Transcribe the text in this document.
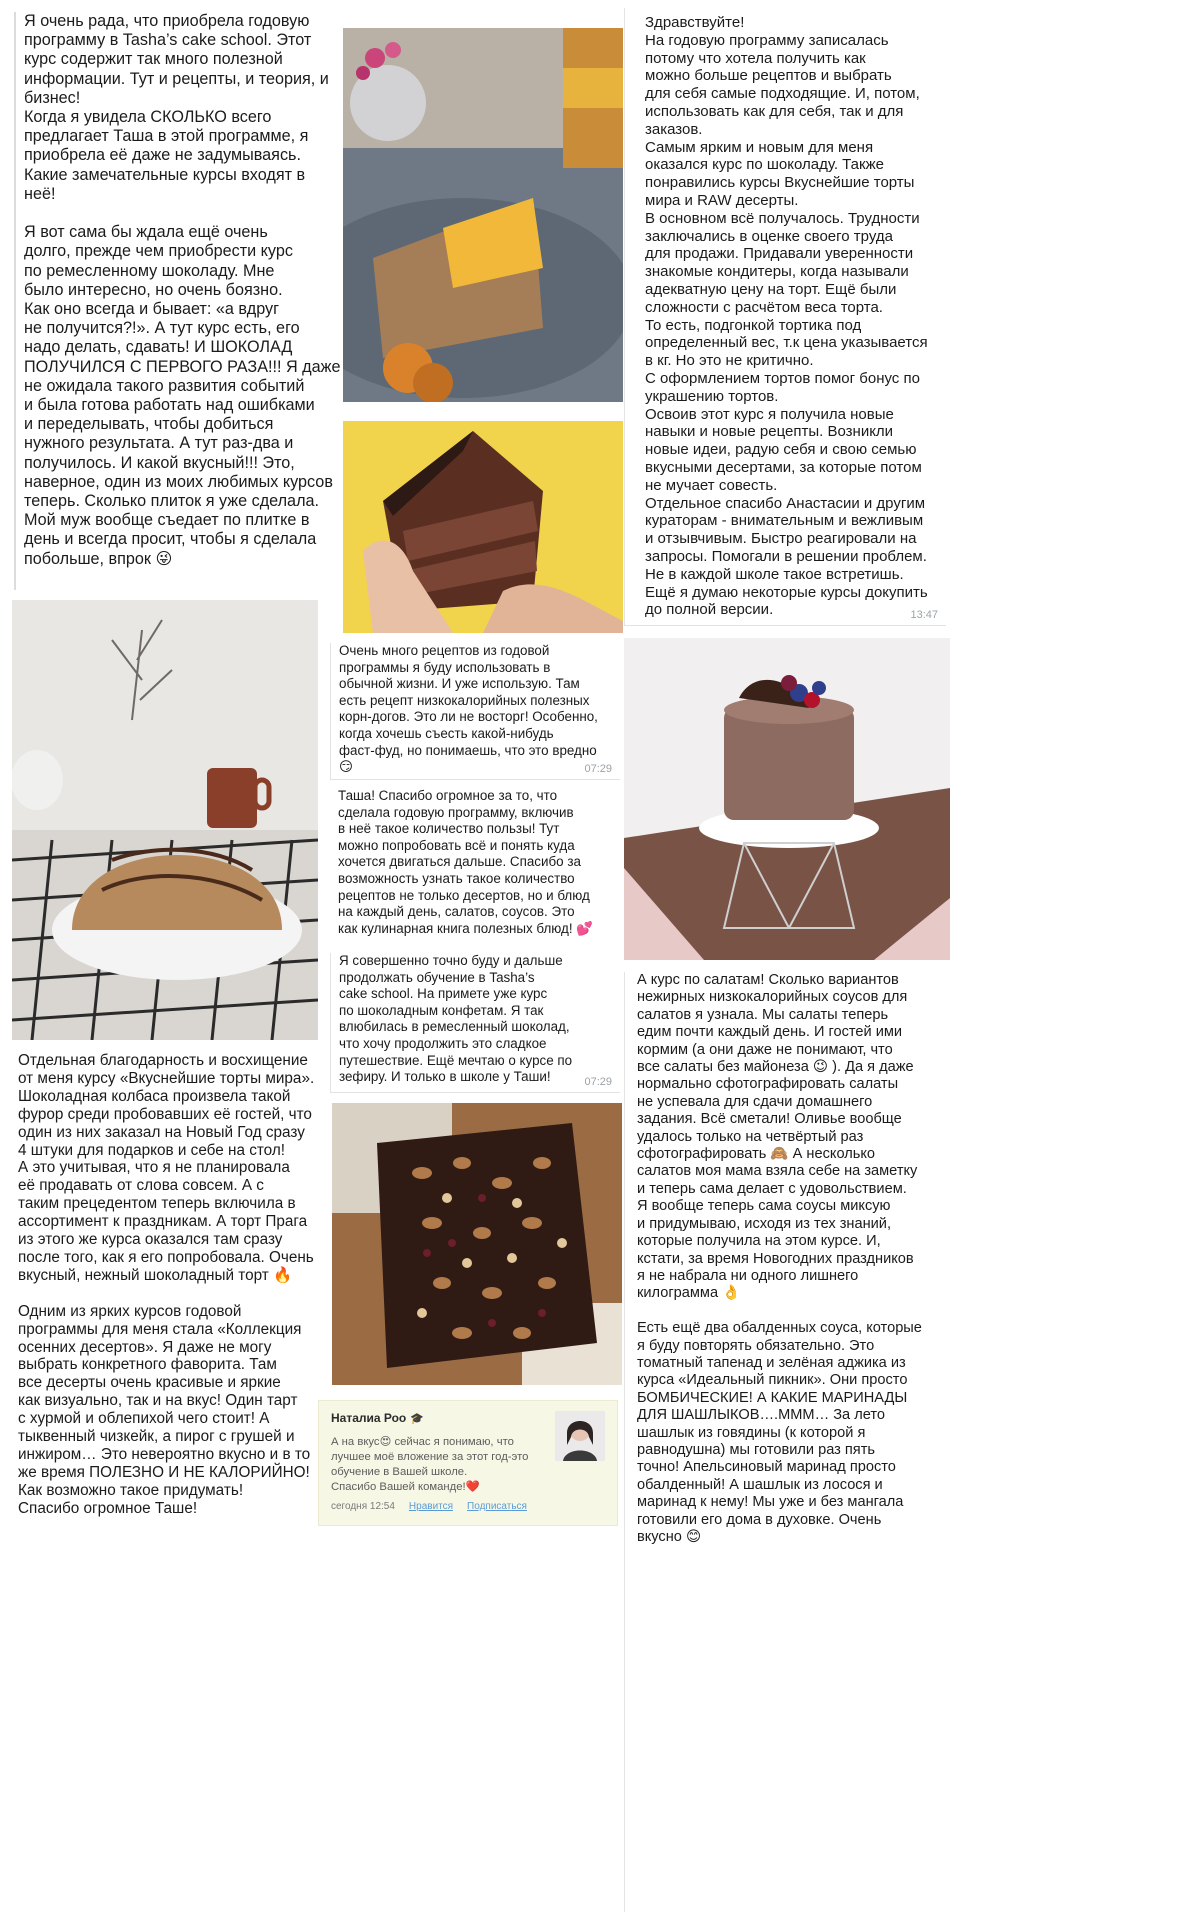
Я очень рада, что приобрела годовую
программу в Tasha’s cake school. Этот
курс содержит так много полезной
информации. Тут и рецепты, и теория, и
бизнес!
Когда я увидела СКОЛЬКО всего
предлагает Таша в этой программе, я
приобрела её даже не задумываясь.
Какие замечательные курсы входят в
неё!

Я вот сама бы ждала ещё очень
долго, прежде чем приобрести курс
по ремесленному шоколаду. Мне
было интересно, но очень боязно.
Как оно всегда и бывает: «а вдруг
не получится?!». А тут курс есть, его
надо делать, сдавать! И ШОКОЛАД
ПОЛУЧИЛСЯ С ПЕРВОГО РАЗА!!! Я даже
не ожидала такого развития событий
и была готова работать над ошибками
и переделывать, чтобы добиться
нужного результата. А тут раз-два и
получилось. И какой вкусный!!! Это,
наверное, один из моих любимых курсов
теперь. Сколько плиток я уже сделала.
Мой муж вообще съедает по плитке в
день и всегда просит, чтобы я сделала
побольше, впрок 😜
Здравствуйте!
На годовую программу записалась
потому что хотела получить как
можно больше рецептов и выбрать
для себя самые подходящие. И, потом,
использовать как для себя, так и для
заказов.
Самым ярким и новым для меня
оказался курс по шоколаду. Также
понравились курсы Вкуснейшие торты
мира и RAW десерты.
В основном всё получалось. Трудности
заключались в оценке своего труда
для продажи. Придавали уверенности
знакомые кондитеры, когда называли
адекватную цену на торт. Ещё были
сложности с расчётом веса торта.
То есть, подгонкой тортика под
определенный вес, т.к цена указывается
в кг. Но это не критично.
С оформлением тортов помог бонус по
украшению тортов.
Освоив этот курс я получила новые
навыки и новые рецепты. Возникли
новые идеи, радую себя и свою семью
вкусными десертами, за которые потом
не мучает совесть.
Отдельное спасибо Анастасии и другим
кураторам - внимательным и вежливым
и отзывчивым. Быстро реагировали на
запросы. Помогали в решении проблем.
Не в каждой школе такое встретишь.
Ещё я думаю некоторые курсы докупить
до полной версии.	13:47
Очень много рецептов из годовой
программы я буду использовать в
обычной жизни. И уже использую. Там
есть рецепт низкокалорийных полезных
корн-догов. Это ли не восторг! Особенно,
когда хочешь съесть какой-нибудь
фаст-фуд, но понимаешь, что это вредно
😏	07:29
Таша! Спасибо огромное за то, что
сделала годовую программу, включив
в неё такое количество пользы! Тут
можно попробовать всё и понять куда
хочется двигаться дальше. Спасибо за
возможность узнать такое количество
рецептов не только десертов, но и блюд
на каждый день, салатов, соусов. Это
как кулинарная книга полезных блюд! 💕
Я совершенно точно буду и дальше
продолжать обучение в Tasha’s
cake school. На примете уже курс
по шоколадным конфетам. Я так
влюбилась в ремесленный шоколад,
что хочу продолжить это сладкое
путешествие. Ещё мечтаю о курсе по
зефиру. И только в школе у Таши!	07:29
А курс по салатам! Сколько вариантов
нежирных низкокалорийных соусов для
салатов я узнала. Мы салаты теперь
едим почти каждый день. И гостей ими
кормим (а они даже не понимают, что
все салаты без майонеза 😉 ). Да я даже
нормально сфотографировать салаты
не успевала для сдачи домашнего
задания. Всё сметали! Оливье вообще
удалось только на четвёртый раз
сфотографировать 🙈 А несколько
салатов моя мама взяла себе на заметку
и теперь сама делает с удовольствием.
Я вообще теперь сама соусы миксую
и придумываю, исходя из тех знаний,
которые получила на этом курсе. И,
кстати, за время Новогодних праздников
я не набрала ни одного лишнего
килограмма 👌

Есть ещё два обалденных соуса, которые
я буду повторять обязательно. Это
томатный тапенад и зелёная аджика из
курса «Идеальный пикник». Они просто
БОМБИЧЕСКИЕ! А КАКИЕ МАРИНАДЫ
ДЛЯ ШАШЛЫКОВ….МММ… За лето
шашлык из говядины (к которой я
равнодушна) мы готовили раз пять
точно! Апельсиновый маринад просто
обалденный! А шашлык из лосося и
маринад к нему! Мы уже и без мангала
готовили его дома в духовке. Очень
вкусно 😊
Отдельная благодарность и восхищение
от меня курсу «Вкуснейшие торты мира».
Шоколадная колбаса произвела такой
фурор среди пробовавших её гостей, что
один из них заказал на Новый Год сразу
4 штуки для подарков и себе на стол!
А это учитывая, что я не планировала
её продавать от слова совсем. А с
таким прецедентом теперь включила в
ассортимент к праздникам. А торт Прага
из этого же курса оказался там сразу
после того, как я его попробовала. Очень
вкусный, нежный шоколадный торт 🔥

Одним из ярких курсов годовой
программы для меня стала «Коллекция
осенних десертов». Я даже не могу
выбрать конкретного фаворита. Там
все десерты очень красивые и яркие
как визуально, так и на вкус! Один тарт
с хурмой и облепихой чего стоит! А
тыквенный чизкейк, а пирог с грушей и
инжиром… Это невероятно вкусно и в то
же время ПОЛЕЗНО И НЕ КАЛОРИЙНО!
Как возможно такое придумать!
Спасибо огромное Таше!
Наталиа Роо 🎓
А на вкус😍 сейчас я понимаю, что
лучшее моё вложение за этот год-это
обучение в Вашей школе.
Спасибо Вашей команде!❤️
сегодня 12:54 Нравится Подписаться
